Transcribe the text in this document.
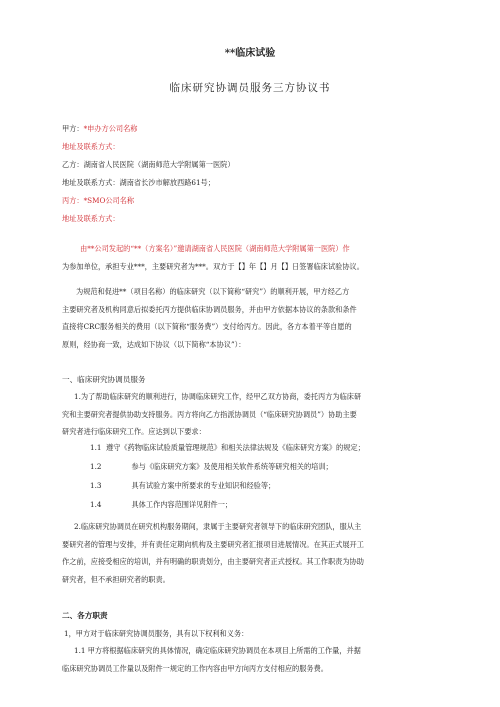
**临床试验
临床研究协调员服务三方协议书
甲方：*申办方公司名称
地址及联系方式：
乙方：湖南省人民医院（湖南师范大学附属第一医院）
地址及联系方式：湖南省长沙市解放西路61号；
丙方：*SMO公司名称
地址及联系方式：
由**公司发起的“**（方案名）”邀请湖南省人民医院（湖南师范大学附属第一医院）作
为参加单位，承担专业***，主要研究者为***。双方于【】年【】月【】日签署临床试验协议。
为规范和促进**（项目名称）的临床研究（以下简称“研究”）的顺利开展，甲方经乙方
主要研究者及机构同意后拟委托丙方提供临床协调员服务，并由甲方依据本协议的条款和条件
直接将CRC服务相关的费用（以下简称“服务费”）支付给丙方。因此，各方本着平等自愿的
原则，经协商一致，达成如下协议（以下简称“本协议”）：
一、临床研究协调员服务
1.为了帮助临床研究的顺利进行，协调临床研究工作，经甲乙双方协商，委托丙方为临床研
究和主要研究者提供协助支持服务。丙方将向乙方指派协调员（“临床研究协调员”）协助主要
研究者进行临床研究工作。应达到以下要求：
1.1 遵守《药物临床试验质量管理规范》和相关法律法规及《临床研究方案》的规定；
1.2	参与《临床研究方案》及使用相关软件系统等研究相关的培训；
1.3	具有试验方案中所要求的专业知识和经验等；
1.4	具体工作内容范围详见附件一；
2.临床研究协调员在研究机构服务期间，隶属于主要研究者领导下的临床研究团队，服从主
要研究者的管理与安排，并有责任定期向机构及主要研究者汇报项目进展情况。在其正式展开工
作之前，应接受相应的培训，并有明确的职责划分，由主要研究者正式授权。其工作职责为协助
研究者，但不承担研究者的职责。
二、各方职责
1，甲方对于临床研究协调员服务，具有以下权利和义务：
1.1 甲方将根据临床研究的具体情况，确定临床研究协调员在本项目上所需的工作量，并据
临床研究协调员工作量以及附件一规定的工作内容由甲方向丙方支付相应的服务费。
